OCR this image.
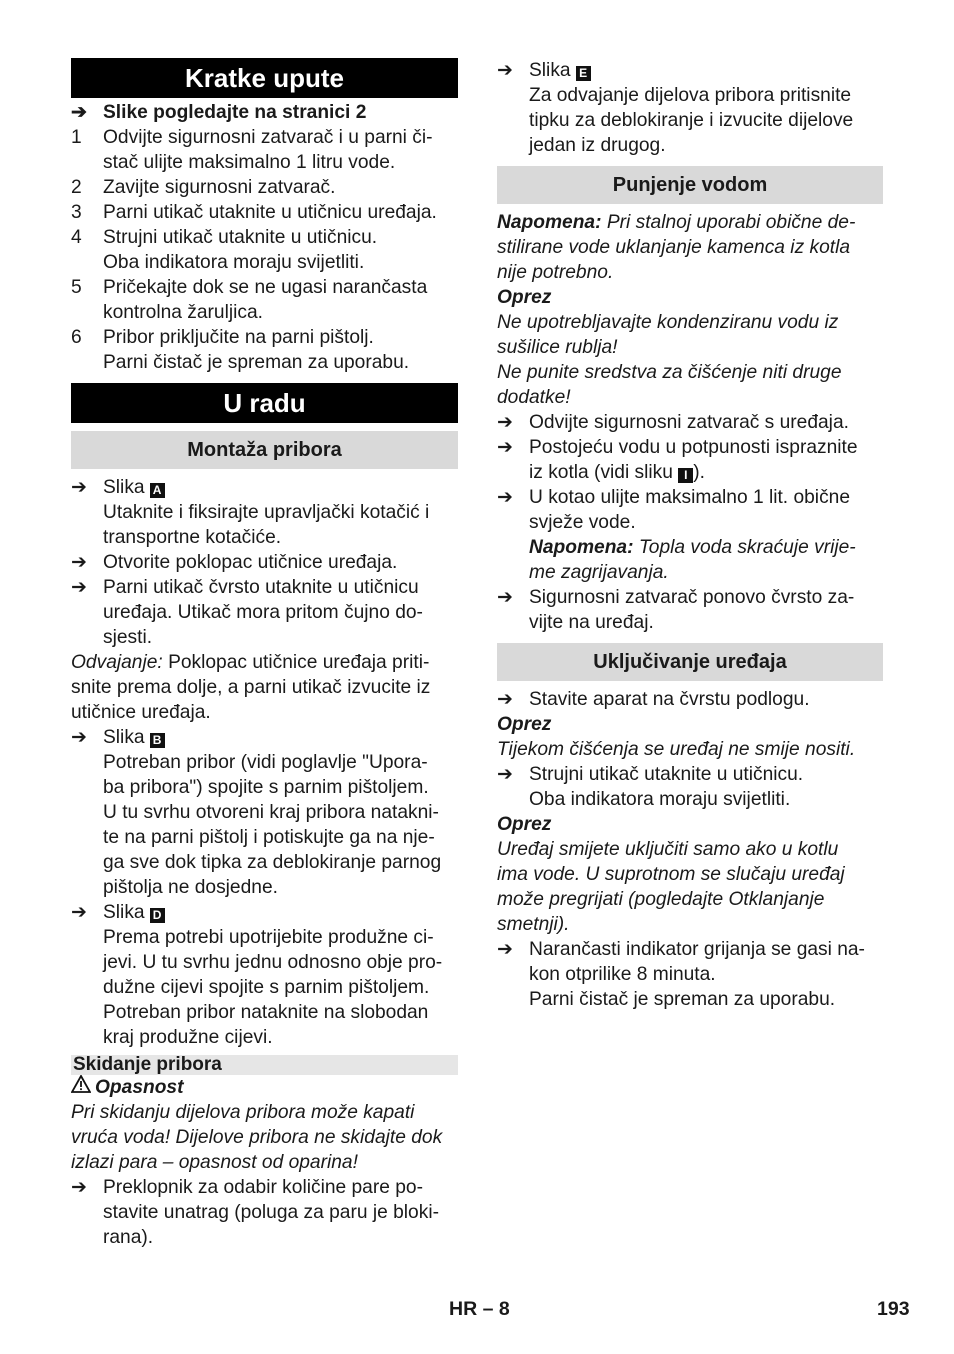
Kratke upute
➔ Slike pogledajte na stranici 2
1	Odvijte sigurnosni zatvarač i u parni či-
stač ulijte maksimalno 1 litru vode.
2	Zavijte sigurnosni zatvarač.
3	Parni utikač utaknite u utičnicu uređaja.
4	Strujni utikač utaknite u utičnicu.
Oba indikatora moraju svijetliti.
5	Pričekajte dok se ne ugasi narančasta
kontrolna žaruljica.
6	Pribor priključite na parni pištolj.
Parni čistač je spreman za uporabu.
U radu
Montaža pribora
➔ Slika A
Utaknite i fiksirajte upravljački kotačić i
transportne kotačiće.
➔ Otvorite poklopac utičnice uređaja.
➔ Parni utikač čvrsto utaknite u utičnicu
uređaja. Utikač mora pritom čujno do-
sjesti.
Odvajanje: Poklopac utičnice uređaja priti-
snite prema dolje, a parni utikač izvucite iz
utičnice uređaja.
➔ Slika B
Potreban pribor (vidi poglavlje "Upora-
ba pribora") spojite s parnim pištoljem.
U tu svrhu otvoreni kraj pribora natakni-
te na parni pištolj i potiskujte ga na nje-
ga sve dok tipka za deblokiranje parnog
pištolja ne dosjedne.
➔ Slika D
Prema potrebi upotrijebite produžne ci-
jevi. U tu svrhu jednu odnosno obje pro-
dužne cijevi spojite s parnim pištoljem.
Potreban pribor nataknite na slobodan
kraj produžne cijevi.
Skidanje pribora
Opasnost
Pri skidanju dijelova pribora može kapati
vruća voda! Dijelove pribora ne skidajte dok
izlazi para – opasnost od oparina!
➔ Preklopnik za odabir količine pare po-
stavite unatrag (poluga za paru je bloki-
rana).
➔ Slika E
Za odvajanje dijelova pribora pritisnite
tipku za deblokiranje i izvucite dijelove
jedan iz drugog.
Punjenje vodom
Napomena: Pri stalnoj uporabi obične de-
stilirane vode uklanjanje kamenca iz kotla
nije potrebno.
Oprez
Ne upotrebljavajte kondenziranu vodu iz
sušilice rublja!
Ne punite sredstva za čišćenje niti druge
dodatke!
➔ Odvijte sigurnosni zatvarač s uređaja.
➔ Postojeću vodu u potpunosti ispraznite
iz kotla (vidi sliku I ).
➔ U kotao ulijte maksimalno 1 lit. obične
svježe vode.
Napomena: Topla voda skraćuje vrije-
me zagrijavanja.
➔ Sigurnosni zatvarač ponovo čvrsto za-
vijte na uređaj.
Uključivanje uređaja
➔ Stavite aparat na čvrstu podlogu.
Oprez
Tijekom čišćenja se uređaj ne smije nositi.
➔ Strujni utikač utaknite u utičnicu.
Oba indikatora moraju svijetliti.
Oprez
Uređaj smijete uključiti samo ako u kotlu
ima vode. U suprotnom se slučaju uređaj
može pregrijati (pogledajte Otklanjanje
smetnji).
➔ Narančasti indikator grijanja se gasi na-
kon otprilike 8 minuta.
Parni čistač je spreman za uporabu.
HR – 8	193
